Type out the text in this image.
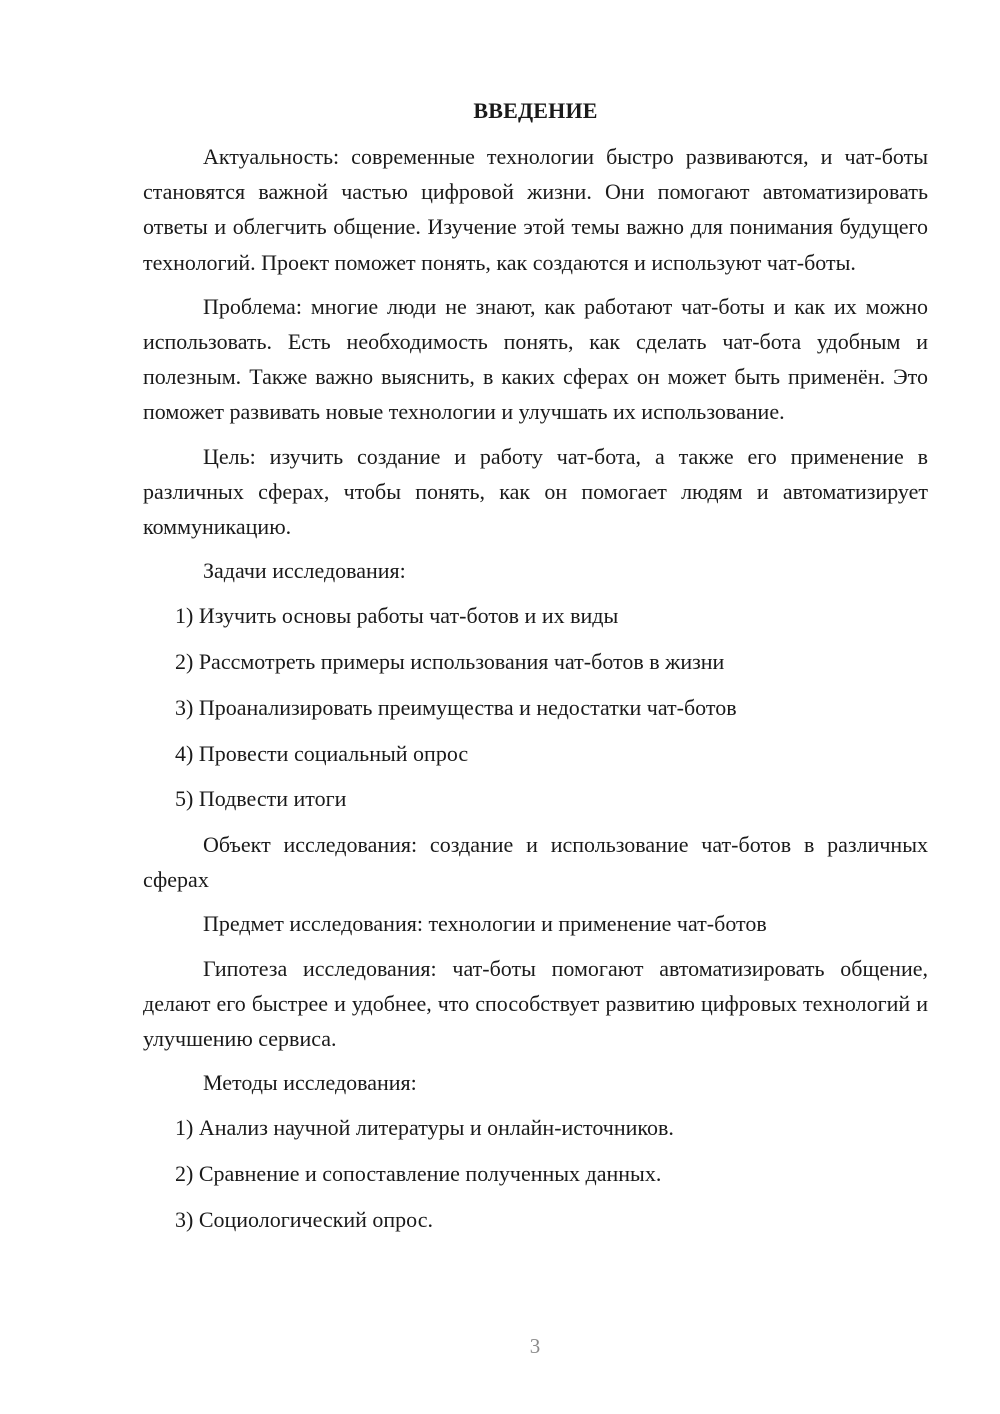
ВВЕДЕНИЕ

Актуальность: современные технологии быстро развиваются, и чат-боты становятся важной частью цифровой жизни. Они помогают автоматизировать ответы и облегчить общение. Изучение этой темы важно для понимания будущего технологий. Проект поможет понять, как создаются и используют чат-боты.

Проблема: многие люди не знают, как работают чат-боты и как их можно использовать. Есть необходимость понять, как сделать чат-бота удобным и полезным. Также важно выяснить, в каких сферах он может быть применён. Это поможет развивать новые технологии и улучшать их использование.

Цель: изучить создание и работу чат-бота, а также его применение в различных сферах, чтобы понять, как он помогает людям и автоматизирует коммуникацию.

Задачи исследования:

1) Изучить основы работы чат-ботов и их виды
2) Рассмотреть примеры использования чат-ботов в жизни
3) Проанализировать преимущества и недостатки чат-ботов
4) Провести социальный опрос
5) Подвести итоги

Объект исследования: создание и использование чат-ботов в различных сферах

Предмет исследования: технологии и применение чат-ботов

Гипотеза исследования: чат-боты помогают автоматизировать общение, делают его быстрее и удобнее, что способствует развитию цифровых технологий и улучшению сервиса.

Методы исследования:

1) Анализ научной литературы и онлайн-источников.
2) Сравнение и сопоставление полученных данных.
3) Социологический опрос.
3
